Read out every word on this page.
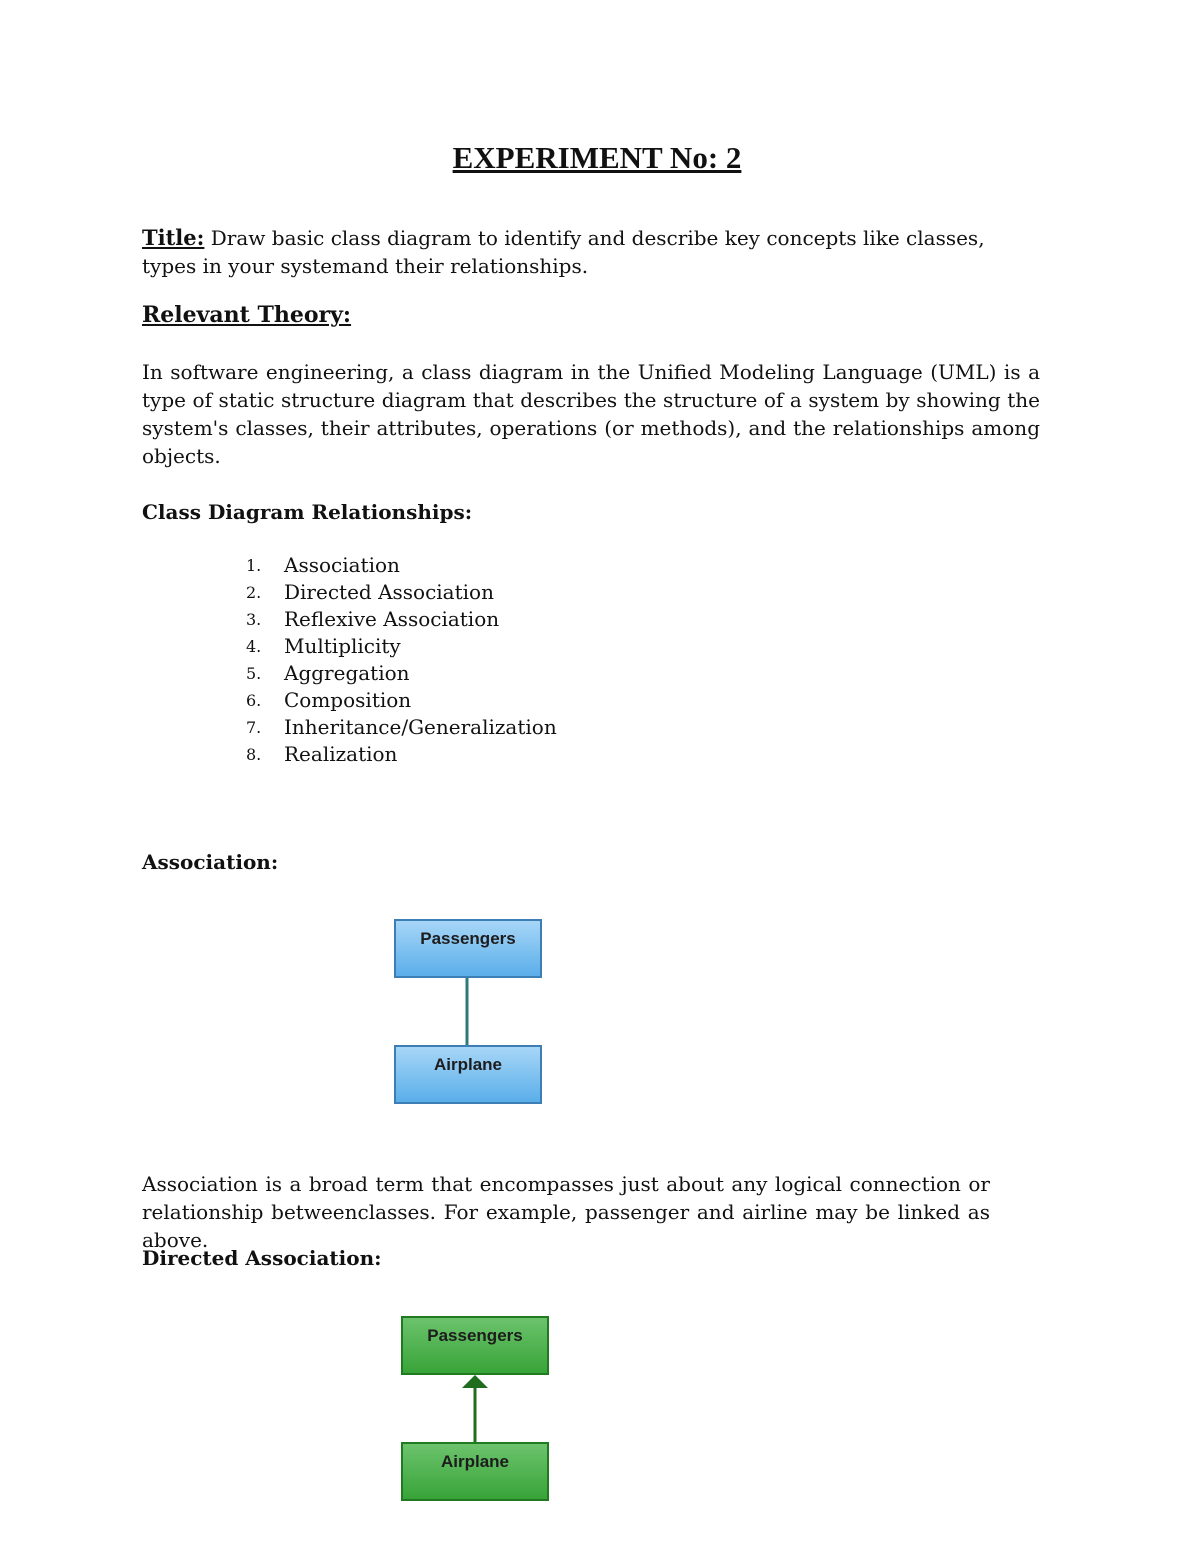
EXPERIMENT No: 2
Title: Draw basic class diagram to identify and describe key concepts like classes, types in your systemand their relationships.
Relevant Theory:
In software engineering, a class diagram in the Unified Modeling Language (UML) is a type of static structure diagram that describes the structure of a system by showing the system's classes, their attributes, operations (or methods), and the relationships among objects.
Class Diagram Relationships:
1.	Association
2.	Directed Association
3.	Reflexive Association
4.	Multiplicity
5.	Aggregation
6.	Composition
7.	Inheritance/Generalization
8.	Realization
Association:
Passengers
Airplane
Association is a broad term that encompasses just about any logical connection or relationship betweenclasses. For example, passenger and airline may be linked as above.
Directed Association:
Passengers
Airplane
